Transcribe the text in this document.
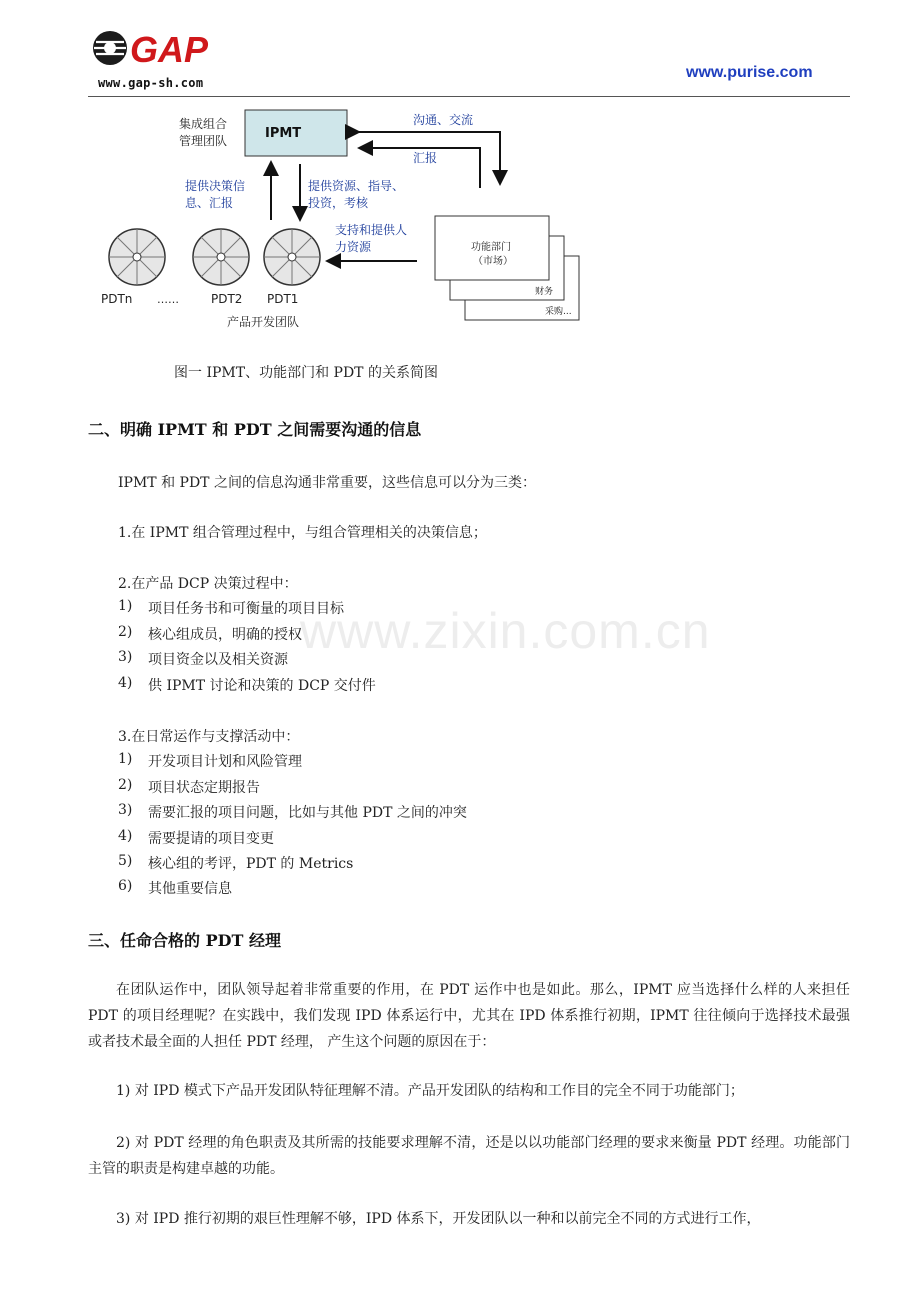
GAP
www.gap-sh.com
www.purise.com
集成组合
管理团队	IPMT
沟通、交流
汇报
提供决策信
息、汇报
提供资源、指导、
投资，考核
支持和提供人
力资源	功能部门
（市场）
财务
采购...
PDTn ……	PDT2 PDT1
产品开发团队
图一 IPMT、功能部门和 PDT 的关系简图
www.zixin.com.cn
二、明确 IPMT 和 PDT 之间需要沟通的信息
IPMT 和 PDT 之间的信息沟通非常重要，这些信息可以分为三类：
1.在 IPMT 组合管理过程中，与组合管理相关的决策信息；
2.在产品 DCP 决策过程中：
1) 项目任务书和可衡量的项目目标
2) 核心组成员，明确的授权
3) 项目资金以及相关资源
4) 供 IPMT 讨论和决策的 DCP 交付件
3.在日常运作与支撑活动中：
1) 开发项目计划和风险管理
2) 项目状态定期报告
3) 需要汇报的项目问题，比如与其他 PDT 之间的冲突
4) 需要提请的项目变更
5) 核心组的考评，PDT 的 Metrics
6) 其他重要信息
三、任命合格的 PDT 经理
在团队运作中，团队领导起着非常重要的作用，在 PDT 运作中也是如此。那么，IPMT 应当选择什么样的人来担任 PDT 的项目经理呢？在实践中，我们发现 IPD 体系运行中，尤其在 IPD 体系推行初期，IPMT 往往倾向于选择技术最强或者技术最全面的人担任 PDT 经理， 产生这个问题的原因在于：
1) 对 IPD 模式下产品开发团队特征理解不清。产品开发团队的结构和工作目的完全不同于功能部门；
2) 对 PDT 经理的角色职责及其所需的技能要求理解不清，还是以以功能部门经理的要求来衡量 PDT 经理。功能部门主管的职责是构建卓越的功能。
3) 对 IPD 推行初期的艰巨性理解不够，IPD 体系下，开发团队以一种和以前完全不同的方式进行工作，
